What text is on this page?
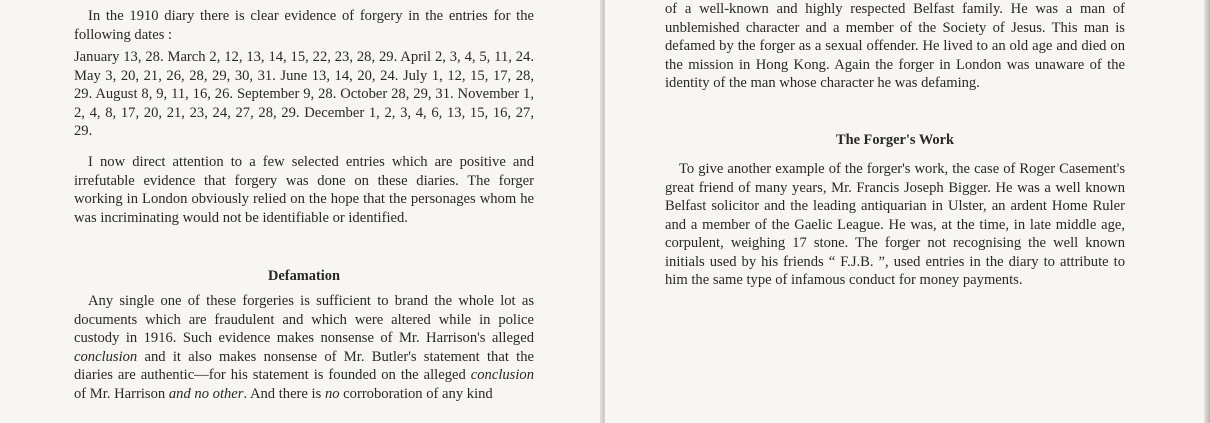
In the 1910 diary there is clear evidence of forgery in the entries for the following dates :

January 13, 28. March 2, 12, 13, 14, 15, 22, 23, 28, 29. April 2, 3, 4, 5, 11, 24. May 3, 20, 21, 26, 28, 29, 30, 31. June 13, 14, 20, 24. July 1, 12, 15, 17, 28, 29. August 8, 9, 11, 16, 26. September 9, 28. October 28, 29, 31. November 1, 2, 4, 8, 17, 20, 21, 23, 24, 27, 28, 29. December 1, 2, 3, 4, 6, 13, 15, 16, 27, 29.

I now direct attention to a few selected entries which are positive and irrefutable evidence that forgery was done on these diaries. The forger working in London obviously relied on the hope that the personages whom he was incriminating would not be identifiable or identified.

Defamation

Any single one of these forgeries is sufficient to brand the whole lot as documents which are fraudulent and which were altered while in police custody in 1916. Such evidence makes nonsense of Mr. Harrison's alleged conclusion and it also makes nonsense of Mr. Butler's statement that the diaries are authentic—for his statement is founded on the alleged conclusion of Mr. Harrison and no other. And there is no corroboration of any kind

of a well-known and highly respected Belfast family. He was a man of unblemished character and a member of the Society of Jesus. This man is defamed by the forger as a sexual offender. He lived to an old age and died on the mission in Hong Kong. Again the forger in London was unaware of the identity of the man whose character he was defaming.

The Forger's Work

To give another example of the forger's work, the case of Roger Casement's great friend of many years, Mr. Francis Joseph Bigger. He was a well known Belfast solicitor and the leading antiquarian in Ulster, an ardent Home Ruler and a member of the Gaelic League. He was, at the time, in late middle age, corpulent, weighing 17 stone. The forger not recognising the well known initials used by his friends “ F.J.B. ”, used entries in the diary to attribute to him the same type of infamous conduct for money payments.
